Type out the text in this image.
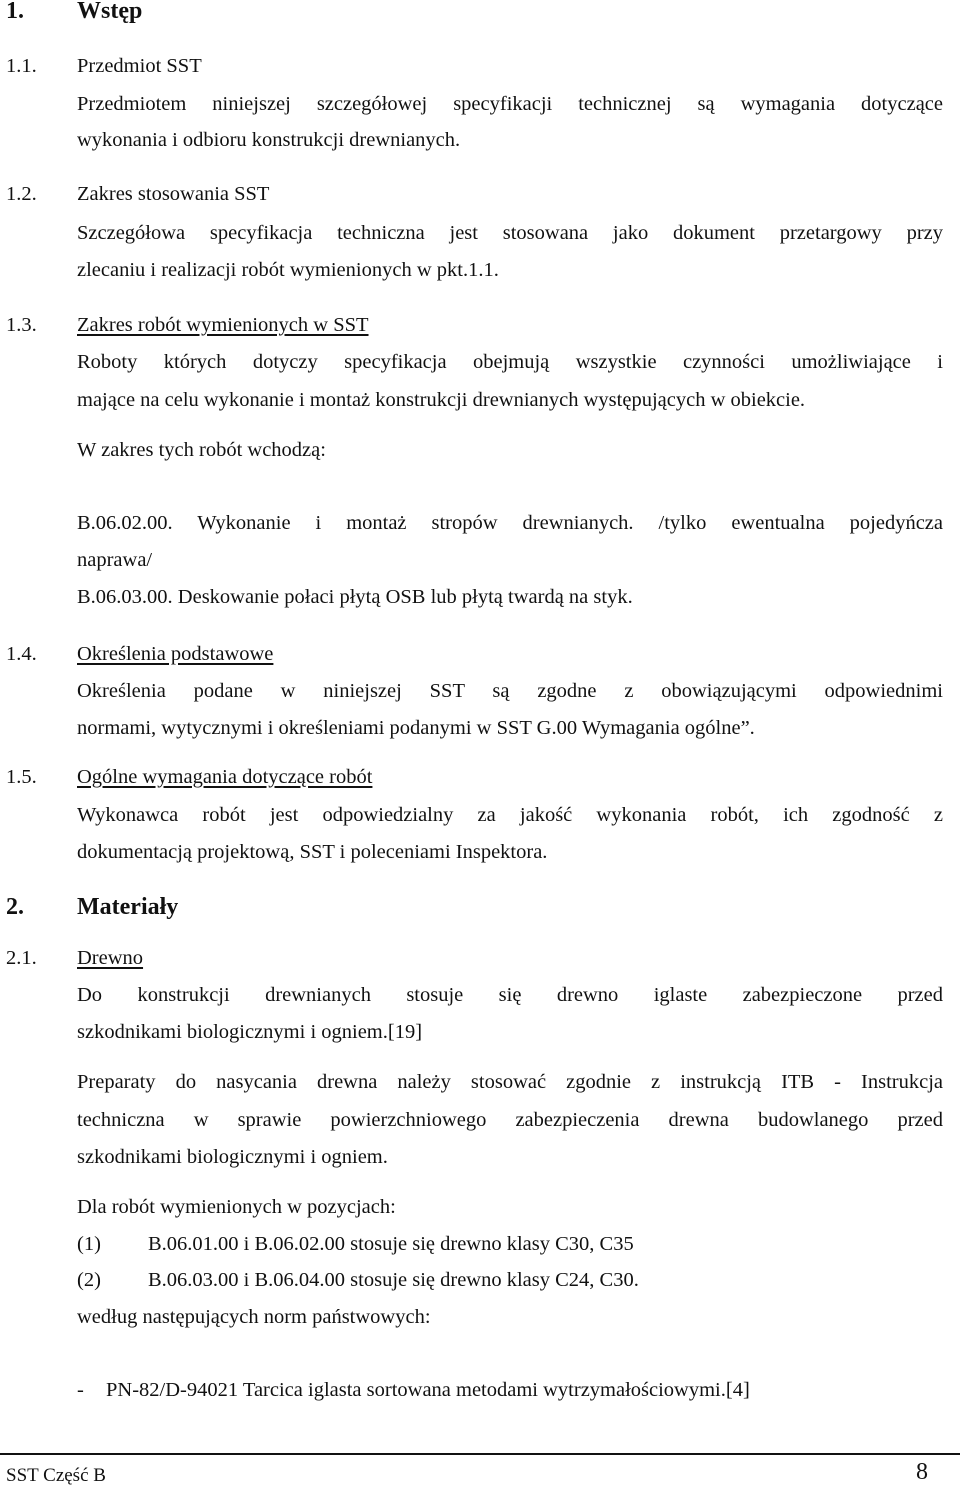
1. Wstęp
1.1. Przedmiot SST
Przedmiotem niniejszej szczegółowej specyfikacji technicznej są wymagania dotyczące
wykonania i odbioru konstrukcji drewnianych.
1.2. Zakres stosowania SST
Szczegółowa specyfikacja techniczna jest stosowana jako dokument przetargowy przy
zlecaniu i realizacji robót wymienionych w pkt.1.1.
1.3. Zakres robót wymienionych w SST
Roboty których dotyczy specyfikacja obejmują wszystkie czynności umożliwiające i
mające na celu wykonanie i montaż konstrukcji drewnianych występujących w obiekcie.
W zakres tych robót wchodzą:
B.06.02.00. Wykonanie i montaż stropów drewnianych. /tylko ewentualna pojedyńcza
naprawa/
B.06.03.00. Deskowanie połaci płytą OSB lub płytą twardą na styk.
1.4. Określenia podstawowe
Określenia podane w niniejszej SST są zgodne z obowiązującymi odpowiednimi
normami, wytycznymi i określeniami podanymi w SST G.00 Wymagania ogólne”.
1.5. Ogólne wymagania dotyczące robót
Wykonawca robót jest odpowiedzialny za jakość wykonania robót, ich zgodność z
dokumentacją projektową, SST i poleceniami Inspektora.
2. Materiały
2.1. Drewno
Do konstrukcji drewnianych stosuje się drewno iglaste zabezpieczone przed
szkodnikami biologicznymi i ogniem.[19]
Preparaty do nasycania drewna należy stosować zgodnie z instrukcją ITB - Instrukcja
techniczna w sprawie powierzchniowego zabezpieczenia drewna budowlanego przed
szkodnikami biologicznymi i ogniem.
Dla robót wymienionych w pozycjach:
(1) B.06.01.00 i B.06.02.00 stosuje się drewno klasy C30, C35
(2) B.06.03.00 i B.06.04.00 stosuje się drewno klasy C24, C30.
według następujących norm państwowych:
- PN-82/D-94021 Tarcica iglasta sortowana metodami wytrzymałościowymi.[4]
SST Część B	8
